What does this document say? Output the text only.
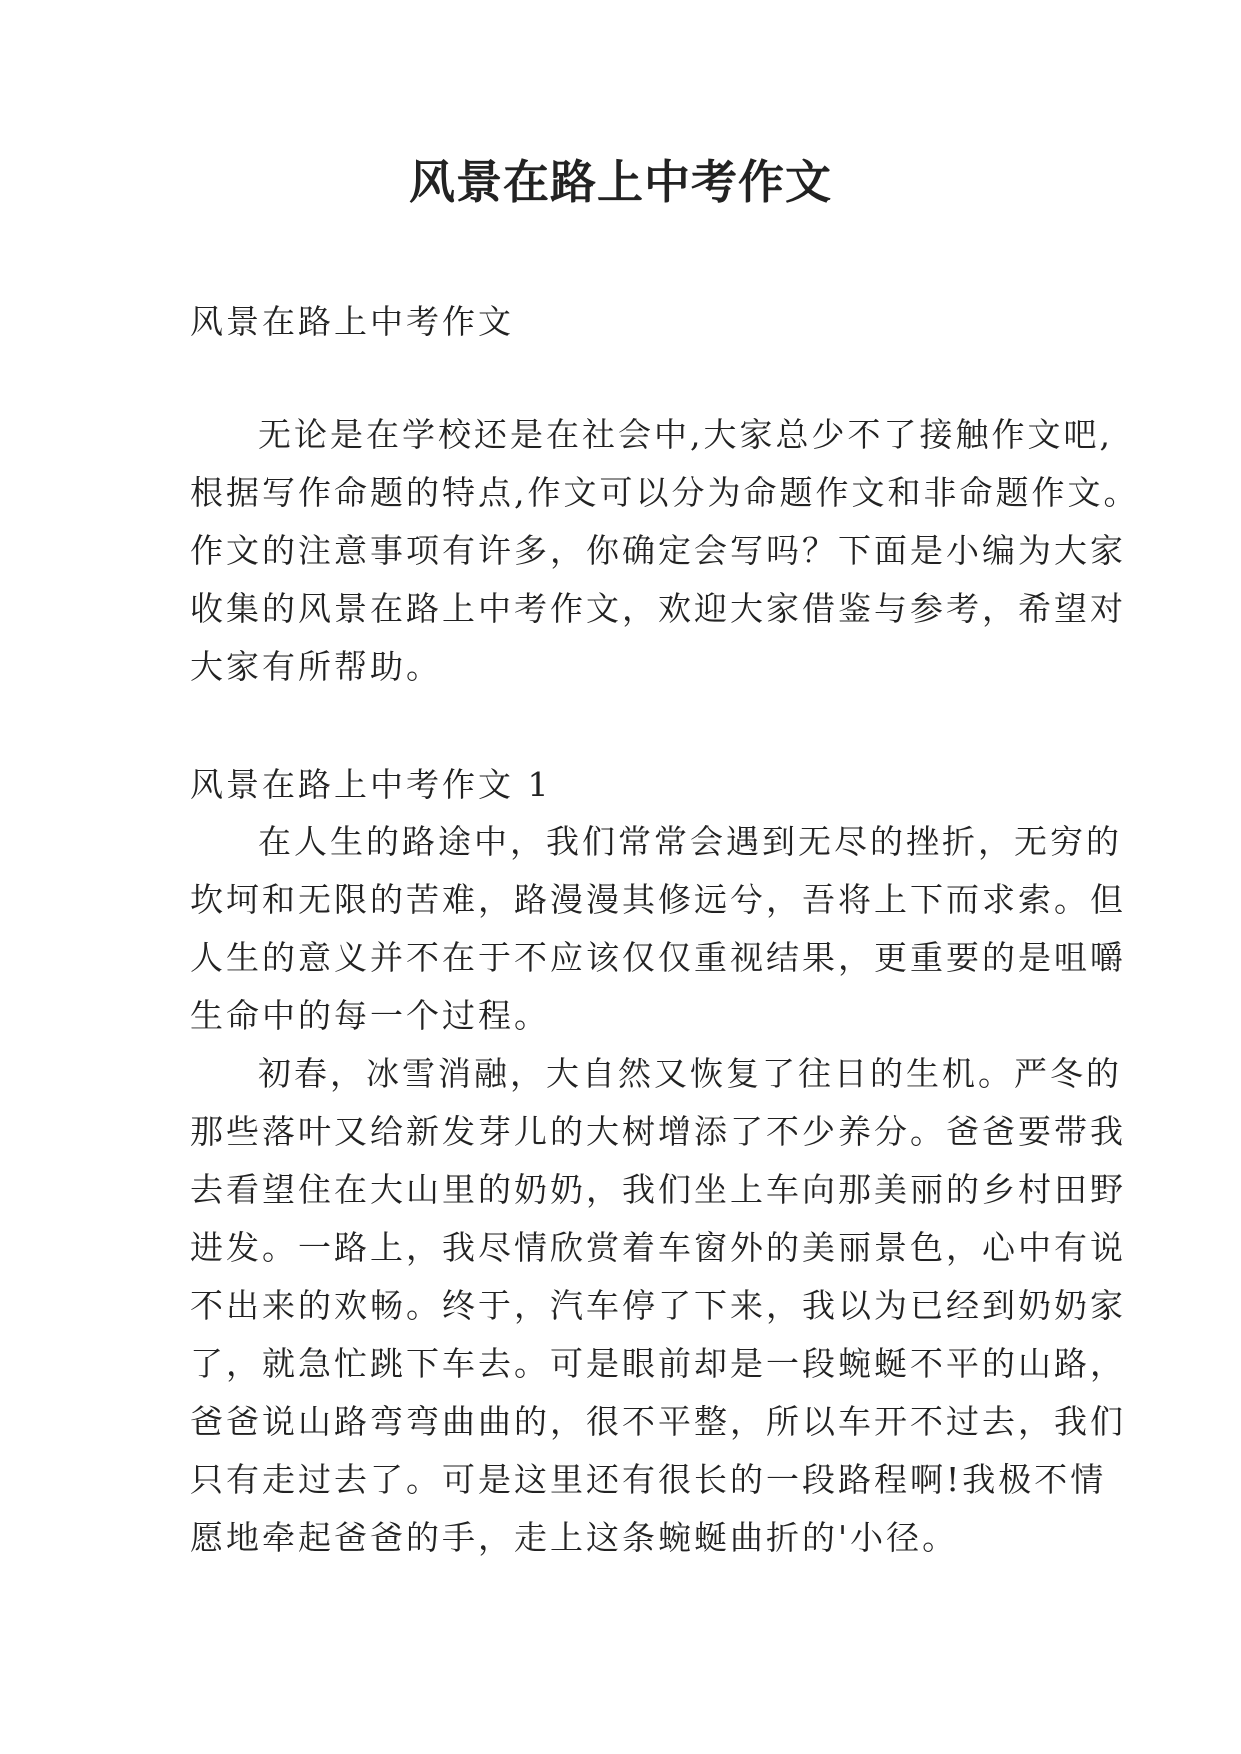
风景在路上中考作文

风景在路上中考作文

无论是在学校还是在社会中,大家总少不了接触作文吧,

根据写作命题的特点,作文可以分为命题作文和非命题作文。

作文的注意事项有许多，你确定会写吗？下面是小编为大家

收集的风景在路上中考作文，欢迎大家借鉴与参考，希望对

大家有所帮助。

风景在路上中考作文 1

在人生的路途中，我们常常会遇到无尽的挫折，无穷的

坎坷和无限的苦难，路漫漫其修远兮，吾将上下而求索。但

人生的意义并不在于不应该仅仅重视结果，更重要的是咀嚼

生命中的每一个过程。

初春，冰雪消融，大自然又恢复了往日的生机。严冬的

那些落叶又给新发芽儿的大树增添了不少养分。爸爸要带我

去看望住在大山里的奶奶，我们坐上车向那美丽的乡村田野

进发。一路上，我尽情欣赏着车窗外的美丽景色，心中有说

不出来的欢畅。终于，汽车停了下来，我以为已经到奶奶家

了，就急忙跳下车去。可是眼前却是一段蜿蜒不平的山路，

爸爸说山路弯弯曲曲的，很不平整，所以车开不过去，我们

只有走过去了。可是这里还有很长的一段路程啊!我极不情

愿地牵起爸爸的手，走上这条蜿蜒曲折的'小径。
